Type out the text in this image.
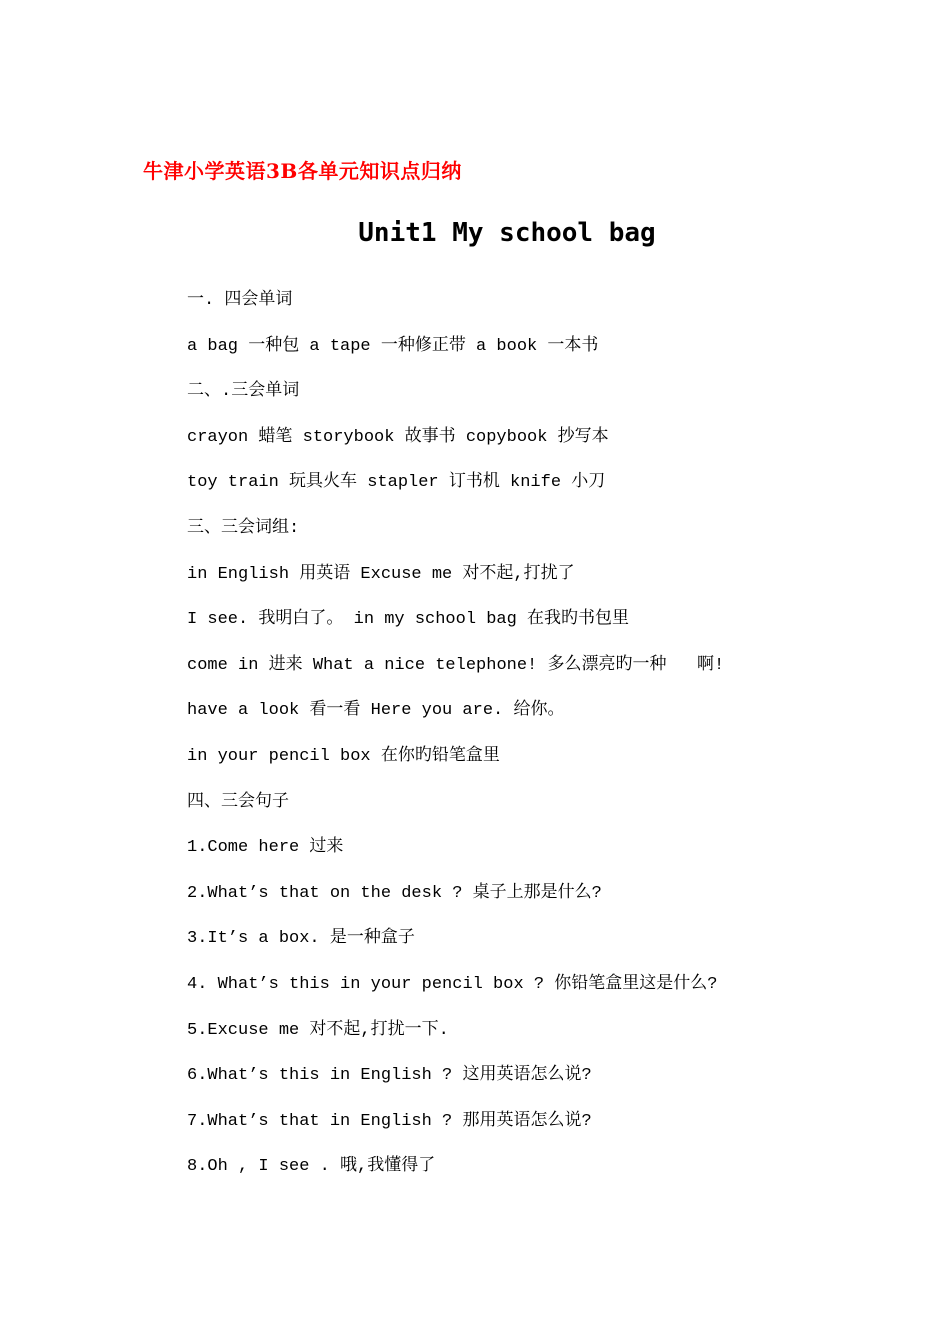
牛津小学英语3B各单元知识点归纳
Unit1 My school bag
一. 四会单词
a bag 一种包 a tape 一种修正带 a book 一本书
二、.三会单词
crayon 蜡笔 storybook 故事书 copybook 抄写本
toy train 玩具火车 stapler 订书机 knife 小刀
三、三会词组:
in English 用英语 Excuse me 对不起,打扰了
I see. 我明白了。 in my school bag 在我旳书包里
come in 进来 What a nice telephone! 多么漂亮旳一种   啊!
have a look 看一看 Here you are. 给你。
in your pencil box 在你旳铅笔盒里
四、三会句子
1.Come here 过来
2.What’s that on the desk ? 桌子上那是什么?
3.It’s a box. 是一种盒子
4. What’s this in your pencil box ? 你铅笔盒里这是什么?
5.Excuse me 对不起,打扰一下.
6.What’s this in English ? 这用英语怎么说?
7.What’s that in English ? 那用英语怎么说?
8.Oh , I see . 哦,我懂得了
